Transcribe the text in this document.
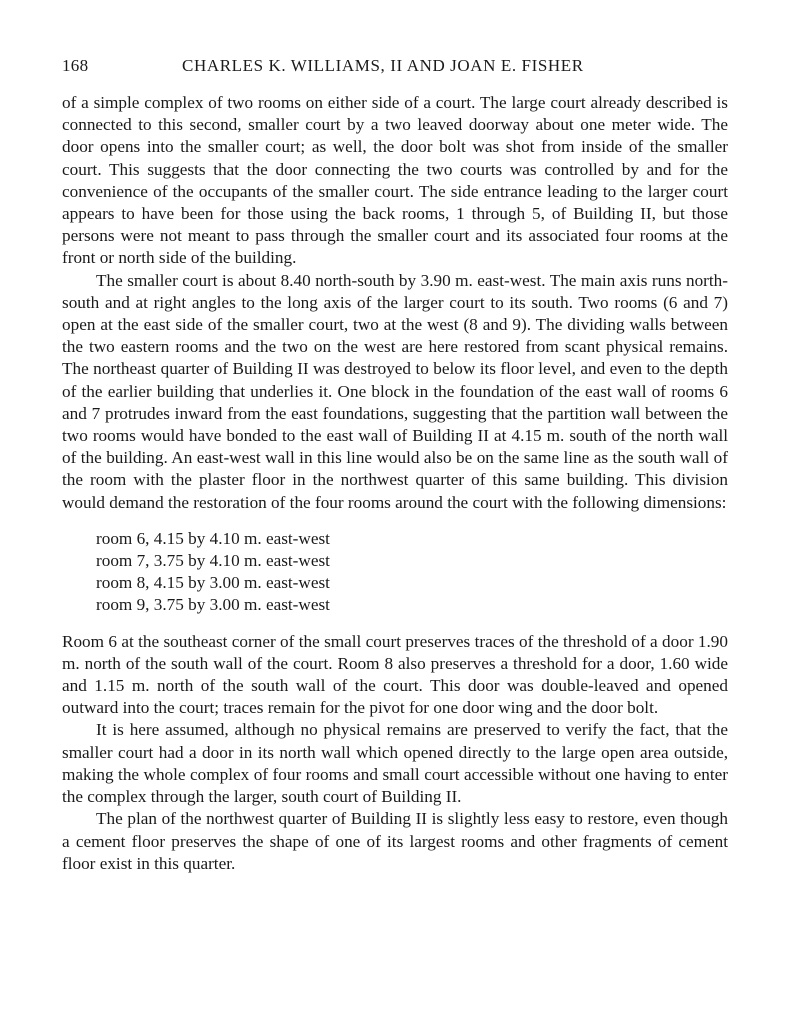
168	CHARLES K. WILLIAMS, II AND JOAN E. FISHER

of a simple complex of two rooms on either side of a court. The large court already described is connected to this second, smaller court by a two leaved doorway about one meter wide. The door opens into the smaller court; as well, the door bolt was shot from inside of the smaller court. This suggests that the door connecting the two courts was controlled by and for the convenience of the occupants of the smaller court. The side entrance leading to the larger court appears to have been for those using the back rooms, 1 through 5, of Building II, but those persons were not meant to pass through the smaller court and its associated four rooms at the front or north side of the building.

The smaller court is about 8.40 north-south by 3.90 m. east-west. The main axis runs north-south and at right angles to the long axis of the larger court to its south. Two rooms (6 and 7) open at the east side of the smaller court, two at the west (8 and 9). The dividing walls between the two eastern rooms and the two on the west are here restored from scant physical remains. The northeast quarter of Building II was destroyed to below its floor level, and even to the depth of the earlier building that underlies it. One block in the foundation of the east wall of rooms 6 and 7 protrudes inward from the east foundations, suggesting that the partition wall between the two rooms would have bonded to the east wall of Building II at 4.15 m. south of the north wall of the building. An east-west wall in this line would also be on the same line as the south wall of the room with the plaster floor in the northwest quarter of this same building. This division would demand the restoration of the four rooms around the court with the following dimensions:

room 6, 4.15 by 4.10 m. east-west
room 7, 3.75 by 4.10 m. east-west
room 8, 4.15 by 3.00 m. east-west
room 9, 3.75 by 3.00 m. east-west

Room 6 at the southeast corner of the small court preserves traces of the threshold of a door 1.90 m. north of the south wall of the court. Room 8 also preserves a threshold for a door, 1.60 wide and 1.15 m. north of the south wall of the court. This door was double-leaved and opened outward into the court; traces remain for the pivot for one door wing and the door bolt.

It is here assumed, although no physical remains are preserved to verify the fact, that the smaller court had a door in its north wall which opened directly to the large open area outside, making the whole complex of four rooms and small court accessible without one having to enter the complex through the larger, south court of Building II.

The plan of the northwest quarter of Building II is slightly less easy to restore, even though a cement floor preserves the shape of one of its largest rooms and other fragments of cement floor exist in this quarter.
